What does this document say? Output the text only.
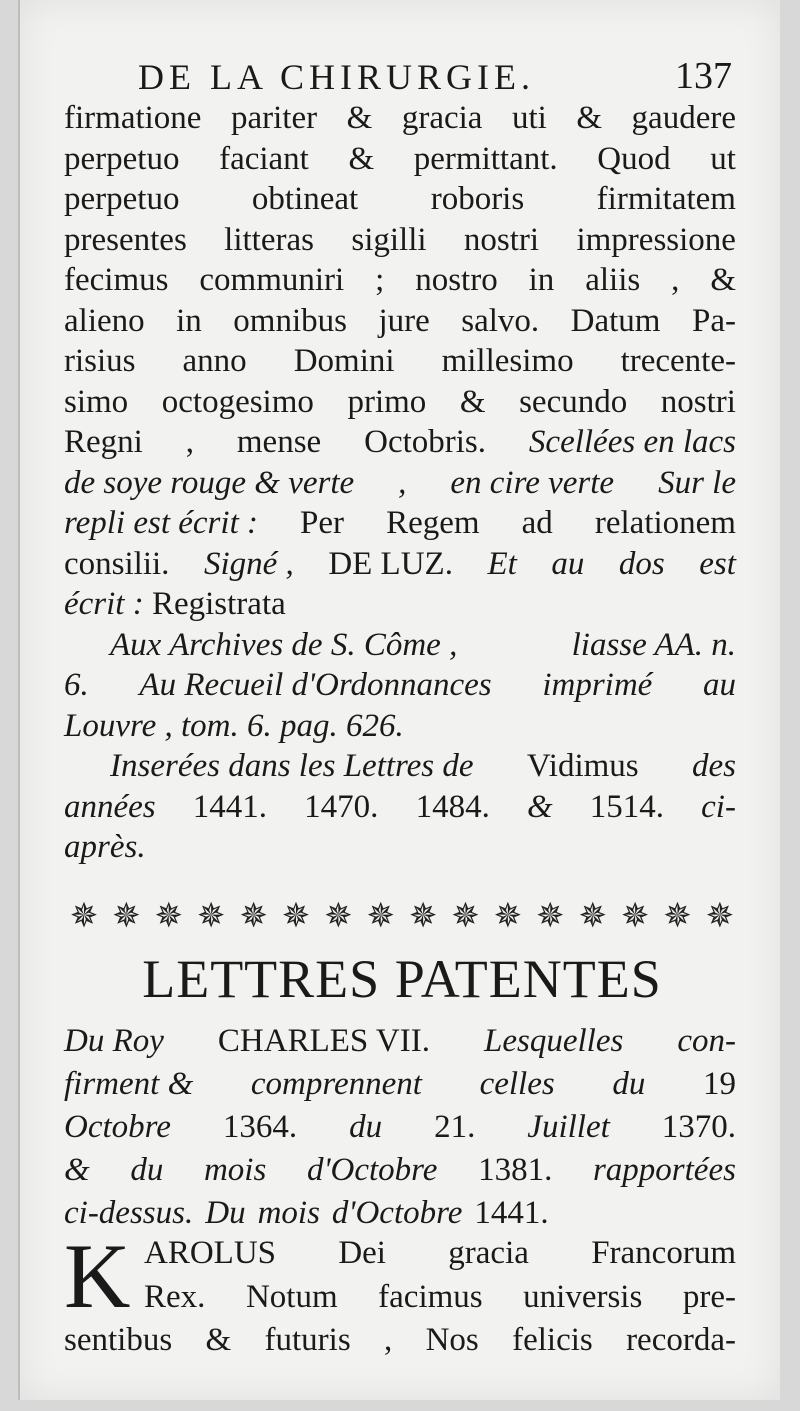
DE LA CHIRURGIE.	137
firmatione pariter & gracia uti & gaudere
perpetuo faciant & permittant. Quod ut
perpetuo obtineat roboris firmitatem
presentes litteras sigilli nostri impressione
fecimus communiri ; nostro in aliis , &
alieno in omnibus jure salvo. Datum Pa-
risius anno Domini millesimo trecente-
simo octogesimo primo & secundo nostri
Regni , mense Octobris. Scellées en lacs
de soye rouge & verte , en cire verte Sur le
repli est écrit : Per Regem ad relationem
consilii. Signé , DE LUZ. Et au dos est
écrit : Registrata
Aux Archives de S. Côme ,	liasse AA. n.
6. Au Recueil d'Ordonnances imprimé au
Louvre , tom. 6. pag. 626.
Inserées dans les Lettres de Vidimus des
années 1441. 1470. 1484. & 1514. ci-
après.
✵ ✵ ✵ ✵ ✵ ✵ ✵ ✵ ✵ ✵ ✵ ✵ ✵ ✵ ✵ ✵
LETTRES PATENTES
Du Roy CHARLES VII. Lesquelles con-
firment & comprennent celles du 19
Octobre 1364. du 21. Juillet 1370.
& du mois d'Octobre 1381. rapportées
ci-dessus. Du mois d'Octobre 1441.
K AROLUS Dei gracia Francorum
Rex. Notum facimus universis pre-
sentibus & futuris , Nos felicis recorda-
